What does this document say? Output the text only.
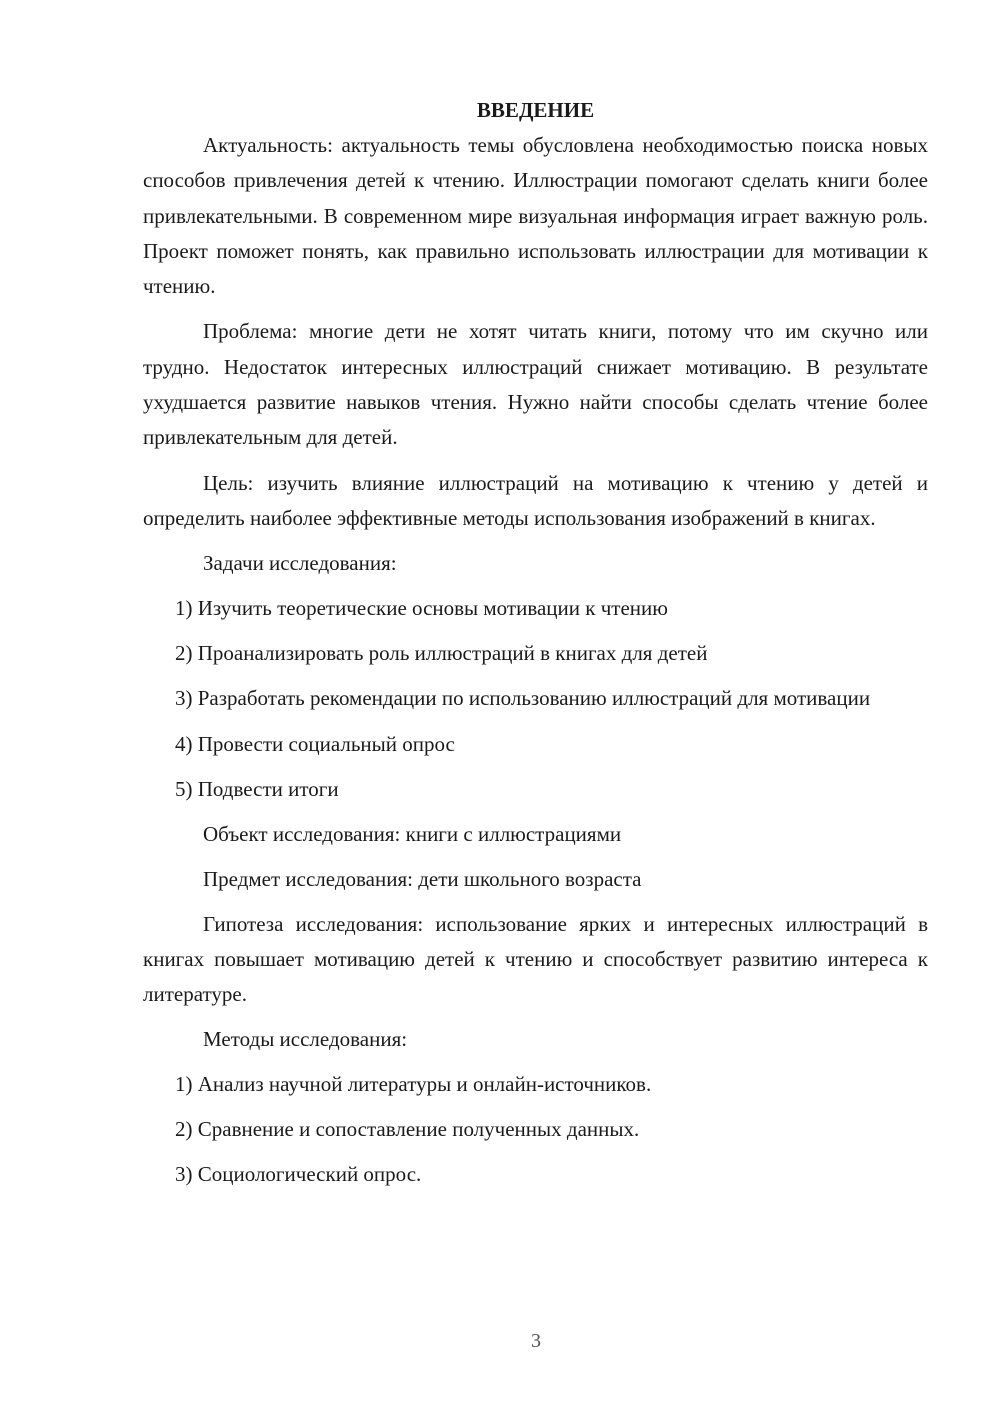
ВВЕДЕНИЕ

Актуальность: актуальность темы обусловлена необходимостью поиска новых способов привлечения детей к чтению. Иллюстрации помогают сделать книги более привлекательными. В современном мире визуальная информация играет важную роль. Проект поможет понять, как правильно использовать иллюстрации для мотивации к чтению.

Проблема: многие дети не хотят читать книги, потому что им скучно или трудно. Недостаток интересных иллюстраций снижает мотивацию. В результате ухудшается развитие навыков чтения. Нужно найти способы сделать чтение более привлекательным для детей.

Цель: изучить влияние иллюстраций на мотивацию к чтению у детей и определить наиболее эффективные методы использования изображений в книгах.

Задачи исследования:

1) Изучить теоретические основы мотивации к чтению

2) Проанализировать роль иллюстраций в книгах для детей

3) Разработать рекомендации по использованию иллюстраций для мотивации

4) Провести социальный опрос

5) Подвести итоги

Объект исследования: книги с иллюстрациями

Предмет исследования: дети школьного возраста

Гипотеза исследования: использование ярких и интересных иллюстраций в книгах повышает мотивацию детей к чтению и способствует развитию интереса к литературе.

Методы исследования:

1) Анализ научной литературы и онлайн-источников.

2) Сравнение и сопоставление полученных данных.

3) Социологический опрос.

3
